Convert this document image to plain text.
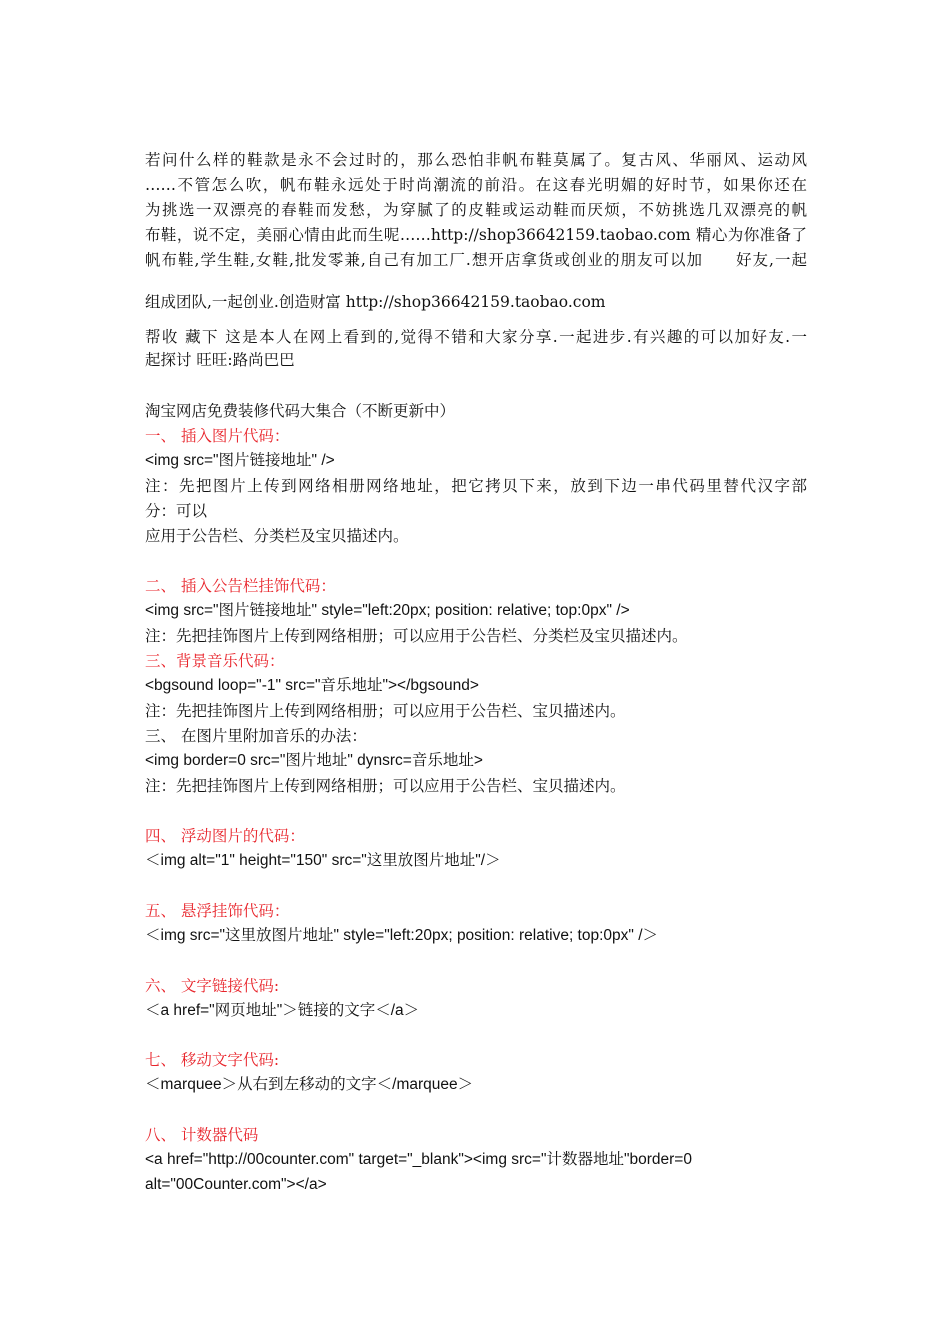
若问什么样的鞋款是永不会过时的，那么恐怕非帆布鞋莫属了。复古风、华丽风、运动风
……不管怎么吹，帆布鞋永远处于时尚潮流的前沿。在这春光明媚的好时节，如果你还在
为挑选一双漂亮的春鞋而发愁，为穿腻了的皮鞋或运动鞋而厌烦，不妨挑选几双漂亮的帆
布鞋，说不定，美丽心情由此而生呢……http://shop36642159.taobao.com 精心为你准备了
帆布鞋,学生鞋,女鞋,批发零兼,自己有加工厂.想开店拿货或创业的朋友可以加　　好友,一起
组成团队,一起创业.创造财富 http://shop36642159.taobao.com
帮收 藏下 这是本人在网上看到的,觉得不错和大家分享.一起进步.有兴趣的可以加好友.一
起探讨 旺旺:路尚巴巴
淘宝网店免费装修代码大集合（不断更新中）
一、 插入图片代码：
<img src="图片链接地址" />
注：先把图片上传到网络相册网络地址，把它拷贝下来，放到下边一串代码里替代汉字部
分：可以
应用于公告栏、分类栏及宝贝描述内。
二、 插入公告栏挂饰代码：
<img src="图片链接地址" style="left:20px; position: relative; top:0px" />
注：先把挂饰图片上传到网络相册；可以应用于公告栏、分类栏及宝贝描述内。
三、背景音乐代码：
<bgsound loop="-1" src="音乐地址"></bgsound>
注：先把挂饰图片上传到网络相册；可以应用于公告栏、宝贝描述内。
三、 在图片里附加音乐的办法：
<img border=0 src="图片地址" dynsrc=音乐地址>
注：先把挂饰图片上传到网络相册；可以应用于公告栏、宝贝描述内。
四、 浮动图片的代码：
＜img alt="1" height="150" src="这里放图片地址"/＞
五、 悬浮挂饰代码：
＜img src="这里放图片地址" style="left:20px; position: relative; top:0px" /＞
六、 文字链接代码:
＜a href="网页地址"＞链接的文字＜/a＞
七、 移动文字代码:
＜marquee＞从右到左移动的文字＜/marquee＞
八、 计数器代码
<a href="http://00counter.com" target="_blank"><img src="计数器地址"border=0
alt="00Counter.com"></a>
